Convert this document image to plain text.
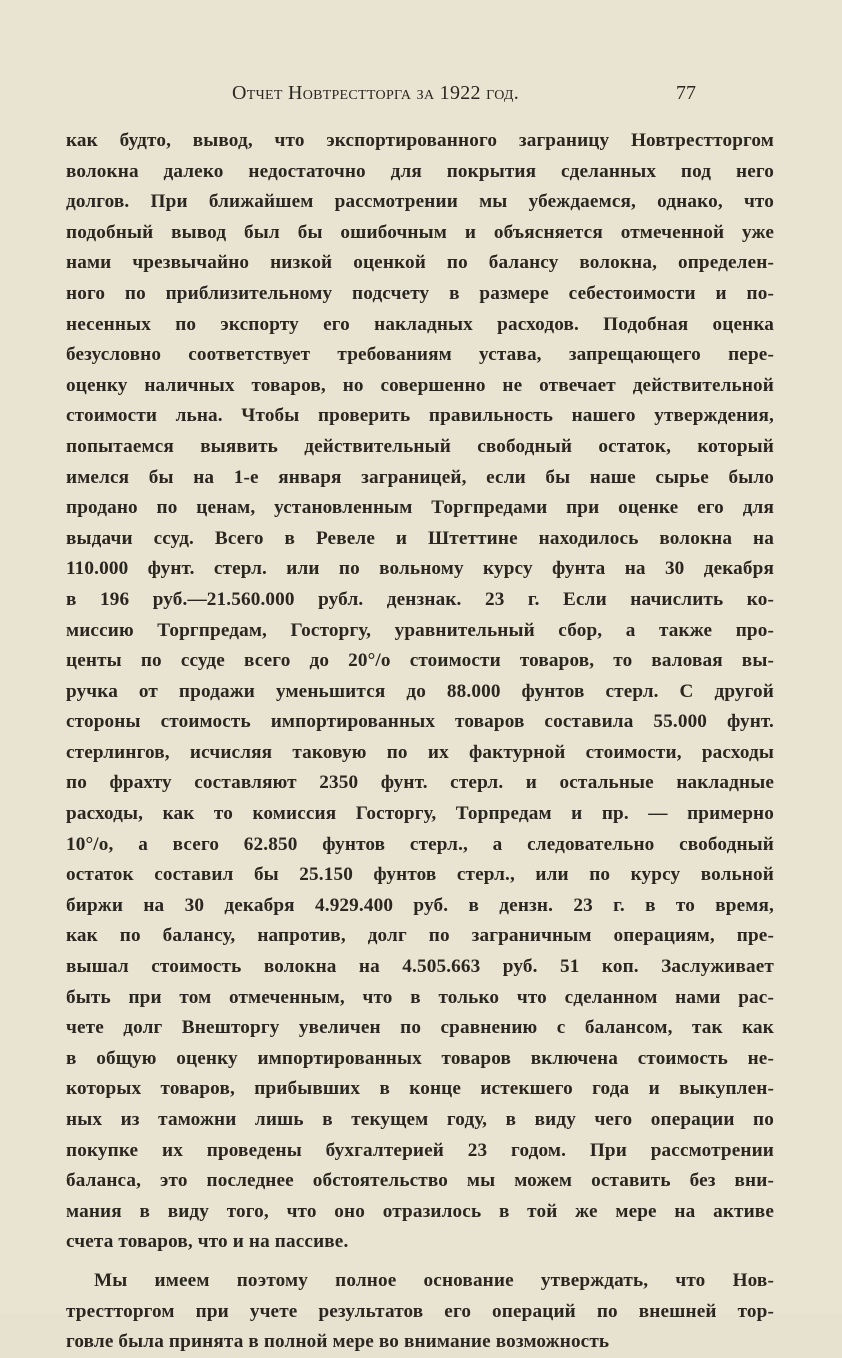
Отчет Новтрестторга за 1922 год.	77
как будто, вывод, что экспортированного заграницу Новтрестторгом
волокна далеко недостаточно для покрытия сделанных под него
долгов. При ближайшем рассмотрении мы убеждаемся, однако, что
подобный вывод был бы ошибочным и объясняется отмеченной уже
нами чрезвычайно низкой оценкой по балансу волокна, определен-
ного по приблизительному подсчету в размере себестоимости и по-
несенных по экспорту его накладных расходов. Подобная оценка
безусловно соответствует требованиям устава, запрещающего пере-
оценку наличных товаров, но совершенно не отвечает действительной
стоимости льна. Чтобы проверить правильность нашего утверждения,
попытаемся выявить действительный свободный остаток, который
имелся бы на 1-е января заграницей, если бы наше сырье было
продано по ценам, установленным Торгпредами при оценке его для
выдачи ссуд. Всего в Ревеле и Штеттине находилось волокна на
110.000 фунт. стерл. или по вольному курсу фунта на 30 декабря
в 196 руб.—21.560.000 рубл. дензнак. 23 г. Если начислить ко-
миссию Торгпредам, Госторгу, уравнительный сбор, а также про-
центы по ссуде всего до 20°/о стоимости товаров, то валовая вы-
ручка от продажи уменьшится до 88.000 фунтов стерл. С другой
стороны стоимость импортированных товаров составила 55.000 фунт.
стерлингов, исчисляя таковую по их фактурной стоимости, расходы
по фрахту составляют 2350 фунт. стерл. и остальные накладные
расходы, как то комиссия Госторгу, Торпредам и пр. — примерно
10°/о, а всего 62.850 фунтов стерл., а следовательно свободный
остаток составил бы 25.150 фунтов стерл., или по курсу вольной
биржи на 30 декабря 4.929.400 руб. в дензн. 23 г. в то время,
как по балансу, напротив, долг по заграничным операциям, пре-
вышал стоимость волокна на 4.505.663 руб. 51 коп. Заслуживает
быть при том отмеченным, что в только что сделанном нами рас-
чете долг Внешторгу увеличен по сравнению с балансом, так как
в общую оценку импортированных товаров включена стоимость не-
которых товаров, прибывших в конце истекшего года и выкуплен-
ных из таможни лишь в текущем году, в виду чего операции по
покупке их проведены бухгалтерией 23 годом. При рассмотрении
баланса, это последнее обстоятельство мы можем оставить без вни-
мания в виду того, что оно отразилось в той же мере на активе
счета товаров, что и на пассиве.
Мы имеем поэтому полное основание утверждать, что Нов-
трестторгом при учете результатов его операций по внешней тор-
говле была принята в полной мере во внимание возможность
